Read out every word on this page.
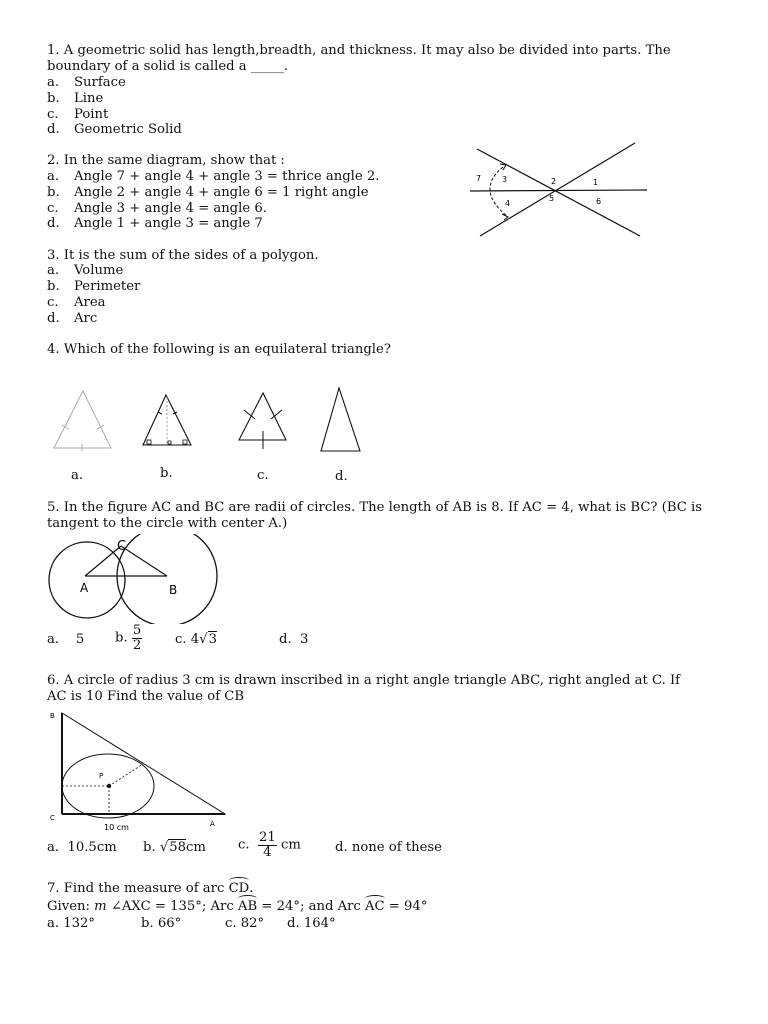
1. A geometric solid has length,breadth, and thickness. It may also be divided into parts. The
boundary of a solid is called a _____.
a. Surface
b. Line
c. Point
d. Geometric Solid
2. In the same diagram, show that :
a. Angle 7 + angle 4 + angle 3 = thrice angle 2.
b. Angle 2 + angle 4 + angle 6 = 1 right angle
c. Angle 3 + angle 4 = angle 6.
d. Angle 1 + angle 3 = angle 7
7	3	2	1
4
5	6
3. It is the sum of the sides of a polygon.
a. Volume
b. Perimeter
c. Area
d. Arc
4. Which of the following is an equilateral triangle?
a.	b.	c.	d.
5. In the figure AC and BC are radii of circles. The length of AB is 8. If AC = 4, what is BC? (BC is
tangent to the circle with center A.)
C
A	B
a. 5 b. $\frac{5}{2} c$. 4√3	d. 3
6. A circle of radius 3 cm is drawn inscribed in a right angle triangle ABC, right angled at C. If
AC is 10 Find the value of CB
B
P
C
A
10 cm
a. 10.5cm b. √58cm c. $\frac{21}{4}$ cm	d. none of these
7. Find the measure of arc CD.
Given: m ∠AXC = 135°; Arc AB = 24°; and Arc AC = 94°
a. 132°	b. 66°	c. 82° d. 164°
